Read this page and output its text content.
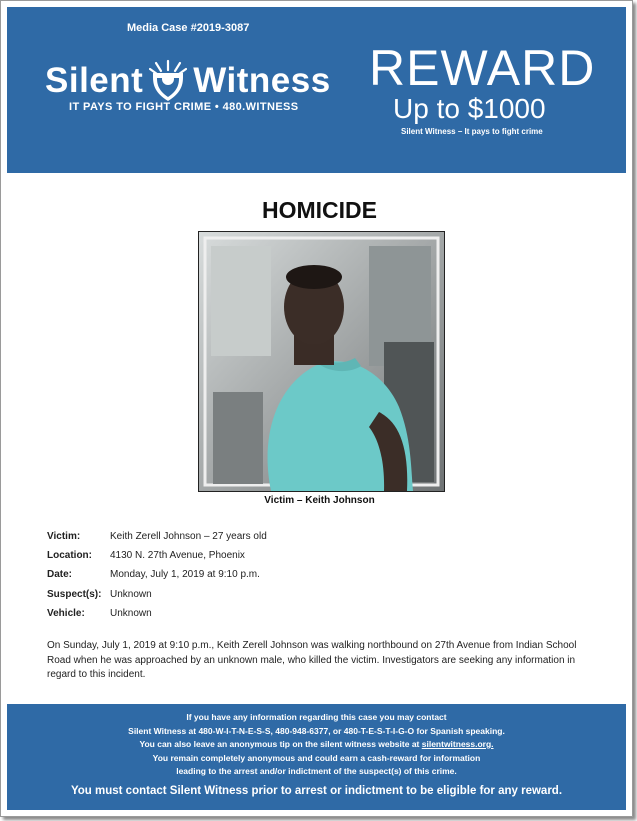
Media Case #2019-3087
Silent Witness
IT PAYS TO FIGHT CRIME • 480.WITNESS
REWARD
Up to $1000
Silent Witness – It pays to fight crime
HOMICIDE
Victim – Keith Johnson
Victim:	Keith Zerell Johnson – 27 years old
Location:	4130 N. 27th Avenue, Phoenix
Date:	Monday, July 1, 2019 at 9:10 p.m.
Suspect(s): Unknown
Vehicle:	Unknown
On Sunday, July 1, 2019 at 9:10 p.m., Keith Zerell Johnson was walking northbound on 27th Avenue from Indian School Road when he was approached by an unknown male, who killed the victim. Investigators are seeking any information in regard to this incident.
If you have any information regarding this case you may contact
Silent Witness at 480-W-I-T-N-E-S-S, 480-948-6377, or 480-T-E-S-T-I-G-O for Spanish speaking.
You can also leave an anonymous tip on the silent witness website at silentwitness.org.
You remain completely anonymous and could earn a cash-reward for information
leading to the arrest and/or indictment of the suspect(s) of this crime.
You must contact Silent Witness prior to arrest or indictment to be eligible for any reward.
